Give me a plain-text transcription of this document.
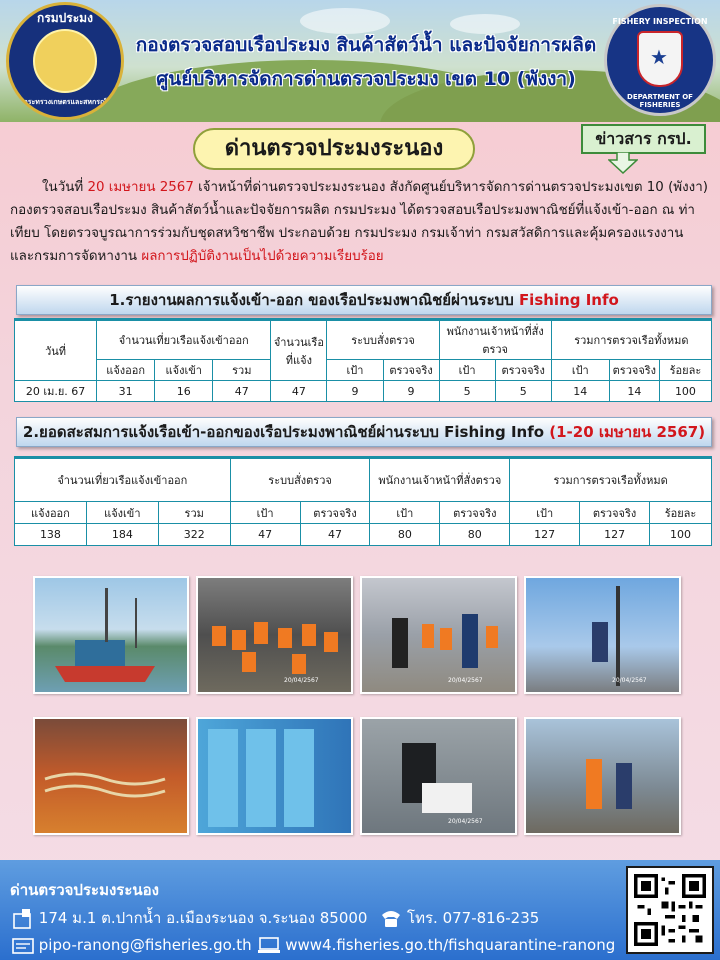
กรมประมง
กระทรวงเกษตรและสหกรณ์
กองตรวจสอบเรือประมง สินค้าสัตว์น้ำ และปัจจัยการผลิต
ศูนย์บริหารจัดการด่านตรวจประมง เขต 10 (พังงา)
FISHERY INSPECTION
★
DEPARTMENT OF FISHERIES
ด่านตรวจประมงระนอง	ข่าวสาร กรป.
ในวันที่ 20 เมษายน 2567 เจ้าหน้าที่ด่านตรวจประมงระนอง สังกัดศูนย์บริหารจัดการด่านตรวจประมงเขต 10 (พังงา) กองตรวจสอบเรือประมง สินค้าสัตว์น้ำและปัจจัยการผลิต กรมประมง ได้ตรวจสอบเรือประมงพาณิชย์ที่แจ้งเข้า-ออก ณ ท่าเทียบ โดยตรวจบูรณาการร่วมกับชุดสหวิชาชีพ ประกอบด้วย กรมประมง กรมเจ้าท่า กรมสวัสดิการและคุ้มครองแรงงาน และกรมการจัดหางาน ผลการปฏิบัติงานเป็นไปด้วยความเรียบร้อย
1.รายงานผลการแจ้งเข้า-ออก ของเรือประมงพาณิชย์ผ่านระบบ Fishing Info
วันที่	จำนวนเที่ยวเรือแจ้งเข้าออก			จำนวนเรือที่แจ้ง	ระบบสั่งตรวจ		พนักงานเจ้าหน้าที่สั่งตรวจ		รวมการตรวจเรือทั้งหมด		
	แจ้งออก	แจ้งเข้า	รวม		เป้า	ตรวจจริง	เป้า	ตรวจจริง	เป้า	ตรวจจริง	ร้อยละ
20 เม.ย. 67	31	16	47	47	9	9	5	5	14	14	100
2.ยอดสะสมการแจ้งเรือเข้า-ออกของเรือประมงพาณิชย์ผ่านระบบ Fishing Info (1-20 เมษายน 2567)
จำนวนเที่ยวเรือแจ้งเข้าออก			ระบบสั่งตรวจ		พนักงานเจ้าหน้าที่สั่งตรวจ		รวมการตรวจเรือทั้งหมด		
แจ้งออก	แจ้งเข้า	รวม	เป้า	ตรวจจริง	เป้า	ตรวจจริง	เป้า	ตรวจจริง	ร้อยละ
138	184	322	47	47	80	80	127	127	100
20/04/2567	20/04/2567	20/04/2567
20/04/2567
ด่านตรวจประมงระนอง
174 ม.1 ต.ปากน้ำ อ.เมืองระนอง จ.ระนอง 85000	โทร. 077-816-235
pipo-ranong@fisheries.go.th www4.fisheries.go.th/fishquarantine-ranong
